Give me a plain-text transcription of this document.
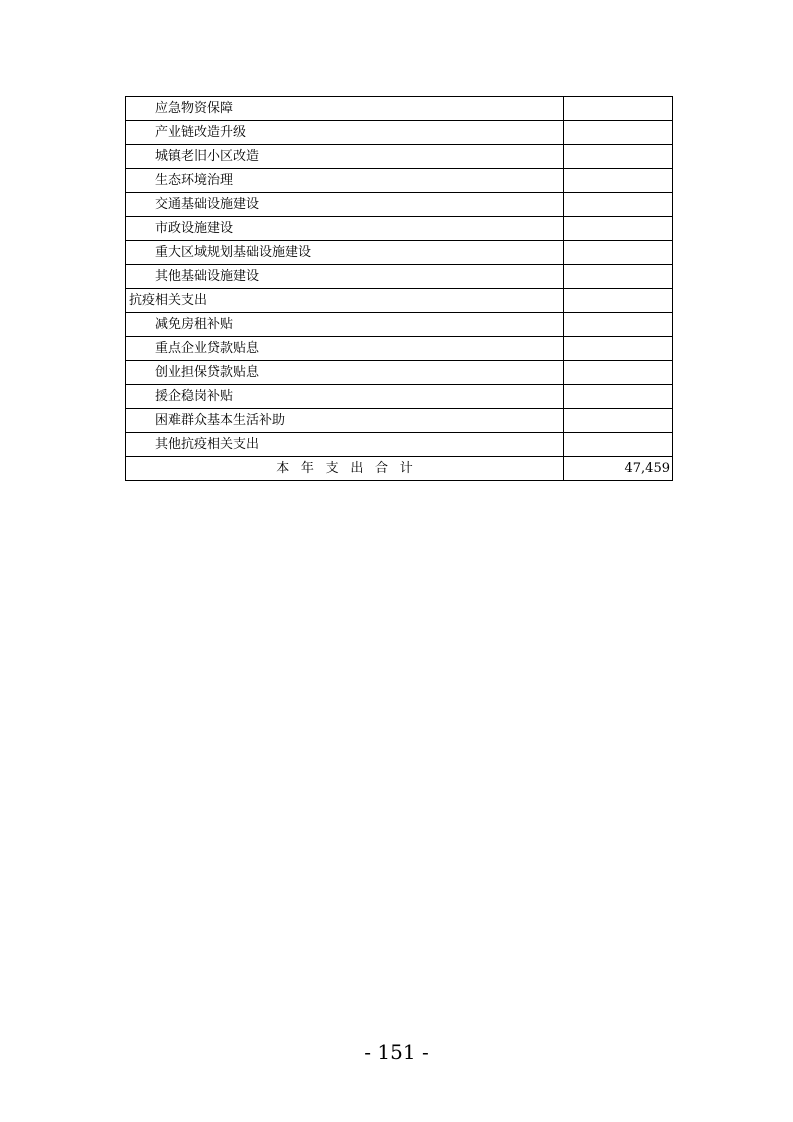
应急物资保障	
产业链改造升级	
城镇老旧小区改造	
生态环境治理	
交通基础设施建设	
市政设施建设	
重大区域规划基础设施建设	
其他基础设施建设	
抗疫相关支出	
减免房租补贴	
重点企业贷款贴息	
创业担保贷款贴息	
援企稳岗补贴	
困难群众基本生活补助	
其他抗疫相关支出	
本年支出合计	47,459
- 151 -
